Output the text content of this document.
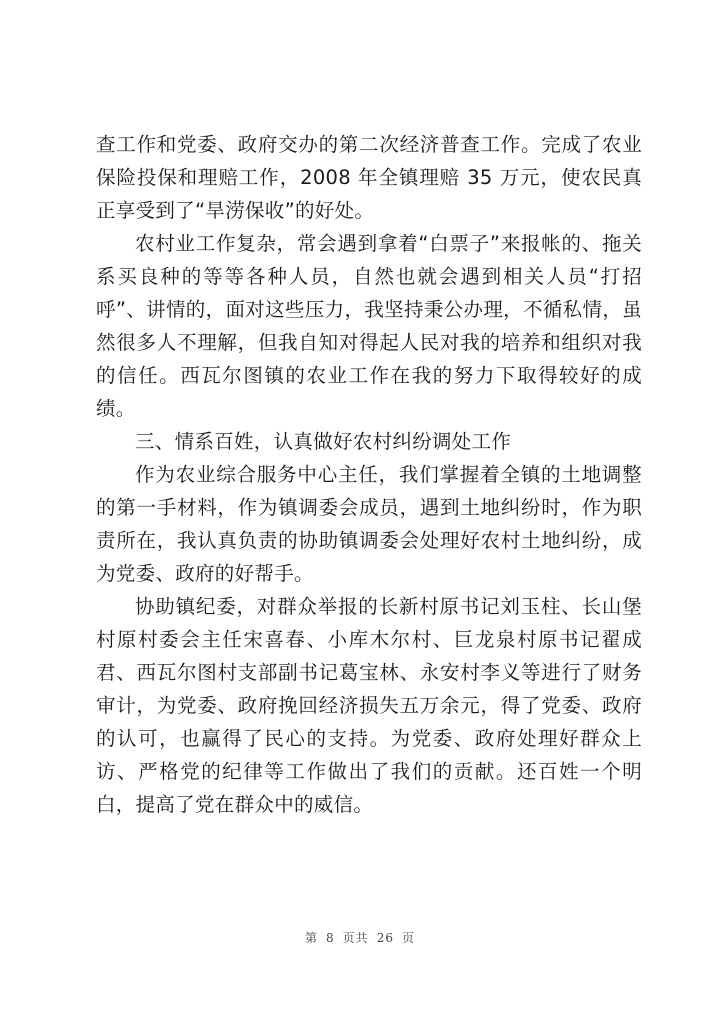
查工作和党委、政府交办的第二次经济普查工作。完成了农业保险投保和理赔工作，2008 年全镇理赔 35 万元，使农民真正享受到了“旱涝保收”的好处。

农村业工作复杂，常会遇到拿着“白票子”来报帐的、拖关系买良种的等等各种人员，自然也就会遇到相关人员“打招呼”、讲情的，面对这些压力，我坚持秉公办理，不循私情，虽然很多人不理解，但我自知对得起人民对我的培养和组织对我的信任。西瓦尔图镇的农业工作在我的努力下取得较好的成绩。

三、情系百姓，认真做好农村纠纷调处工作

作为农业综合服务中心主任，我们掌握着全镇的土地调整的第一手材料，作为镇调委会成员，遇到土地纠纷时，作为职责所在，我认真负责的协助镇调委会处理好农村土地纠纷，成为党委、政府的好帮手。

协助镇纪委，对群众举报的长新村原书记刘玉柱、长山堡村原村委会主任宋喜春、小库木尔村、巨龙泉村原书记翟成君、西瓦尔图村支部副书记葛宝林、永安村李义等进行了财务审计，为党委、政府挽回经济损失五万余元，得了党委、政府的认可，也赢得了民心的支持。为党委、政府处理好群众上访、严格党的纪律等工作做出了我们的贡献。还百姓一个明白，提高了党在群众中的威信。

第 8 页共 26 页
